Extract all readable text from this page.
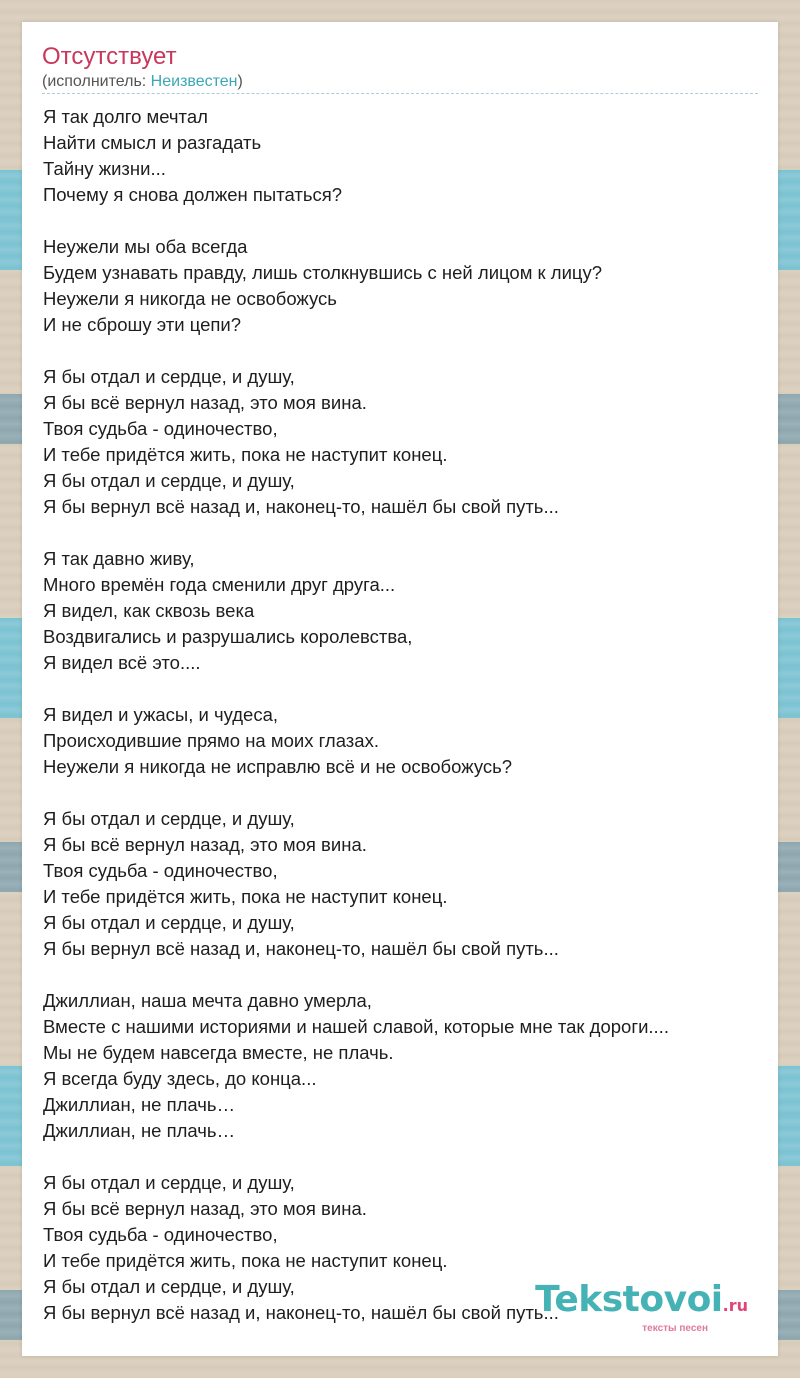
Отсутствует
(исполнитель: Неизвестен)
Я так долго мечтал
Найти смысл и разгадать
Тайну жизни...
Почему я снова должен пытаться?
Неужели мы оба всегда
Будем узнавать правду, лишь столкнувшись с ней лицом к лицу?
Неужели я никогда не освобожусь
И не сброшу эти цепи?
Я бы отдал и сердце, и душу,
Я бы всё вернул назад, это моя вина.
Твоя судьба - одиночество,
И тебе придётся жить, пока не наступит конец.
Я бы отдал и сердце, и душу,
Я бы вернул всё назад и, наконец-то, нашёл бы свой путь...
Я так давно живу,
Много времён года сменили друг друга...
Я видел, как сквозь века
Воздвигались и разрушались королевства,
Я видел всё это....
Я видел и ужасы, и чудеса,
Происходившие прямо на моих глазах.
Неужели я никогда не исправлю всё и не освобожусь?
Я бы отдал и сердце, и душу,
Я бы всё вернул назад, это моя вина.
Твоя судьба - одиночество,
И тебе придётся жить, пока не наступит конец.
Я бы отдал и сердце, и душу,
Я бы вернул всё назад и, наконец-то, нашёл бы свой путь...
Джиллиан, наша мечта давно умерла,
Вместе с нашими историями и нашей славой, которые мне так дороги....
Мы не будем навсегда вместе, не плачь.
Я всегда буду здесь, до конца...
Джиллиан, не плачь…
Джиллиан, не плачь…
Я бы отдал и сердце, и душу,
Я бы всё вернул назад, это моя вина.
Твоя судьба - одиночество,
И тебе придётся жить, пока не наступит конец.
Я бы отдал и сердце, и душу,
Я бы вернул всё назад и, наконец-то, нашёл бы свой путь...
Tekstovoi.ru
тексты песен
